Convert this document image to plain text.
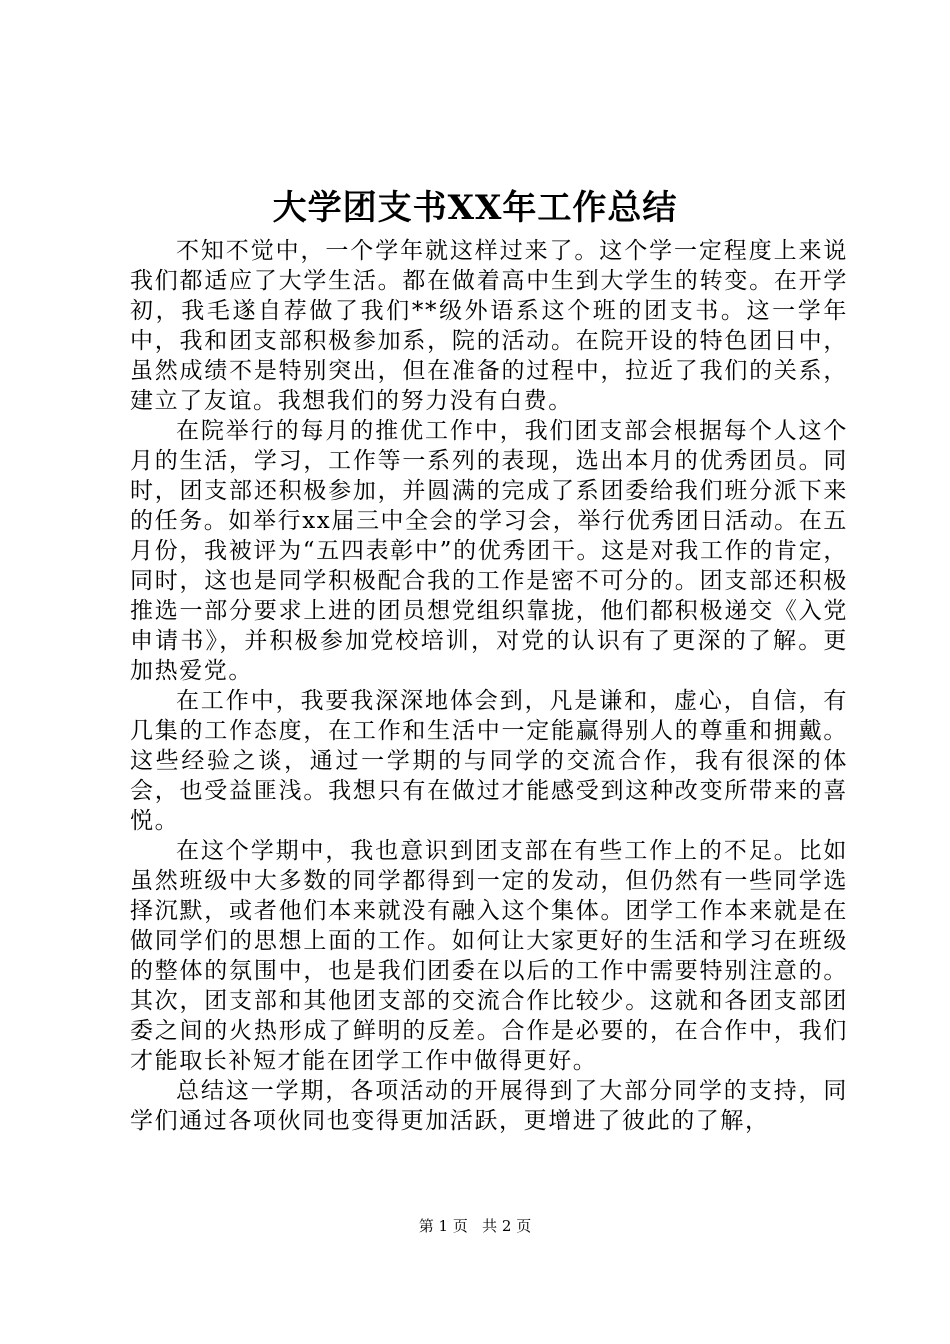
大学团支书XX年工作总结

不知不觉中，一个学年就这样过来了。这个学一定程度上来说我们都适应了大学生活。都在做着高中生到大学生的转变。在开学初，我毛遂自荐做了我们**级外语系这个班的团支书。这一学年中，我和团支部积极参加系，院的活动。在院开设的特色团日中，虽然成绩不是特别突出，但在准备的过程中，拉近了我们的关系，建立了友谊。我想我们的努力没有白费。

在院举行的每月的推优工作中，我们团支部会根据每个人这个月的生活，学习，工作等一系列的表现，选出本月的优秀团员。同时，团支部还积极参加，并圆满的完成了系团委给我们班分派下来的任务。如举行xx届三中全会的学习会，举行优秀团日活动。在五月份，我被评为“五四表彰中”的优秀团干。这是对我工作的肯定，同时，这也是同学积极配合我的工作是密不可分的。团支部还积极推选一部分要求上进的团员想党组织靠拢，他们都积极递交《入党申请书》，并积极参加党校培训，对党的认识有了更深的了解。更加热爱党。

在工作中，我要我深深地体会到，凡是谦和，虚心，自信，有几集的工作态度，在工作和生活中一定能赢得别人的尊重和拥戴。这些经验之谈，通过一学期的与同学的交流合作，我有很深的体会，也受益匪浅。我想只有在做过才能感受到这种改变所带来的喜悦。

在这个学期中，我也意识到团支部在有些工作上的不足。比如虽然班级中大多数的同学都得到一定的发动，但仍然有一些同学选择沉默，或者他们本来就没有融入这个集体。团学工作本来就是在做同学们的思想上面的工作。如何让大家更好的生活和学习在班级的整体的氛围中，也是我们团委在以后的工作中需要特别注意的。其次，团支部和其他团支部的交流合作比较少。这就和各团支部团委之间的火热形成了鲜明的反差。合作是必要的，在合作中，我们才能取长补短才能在团学工作中做得更好。

总结这一学期，各项活动的开展得到了大部分同学的支持，同学们通过各项伙同也变得更加活跃，更增进了彼此的了解，

第 1 页   共 2 页
